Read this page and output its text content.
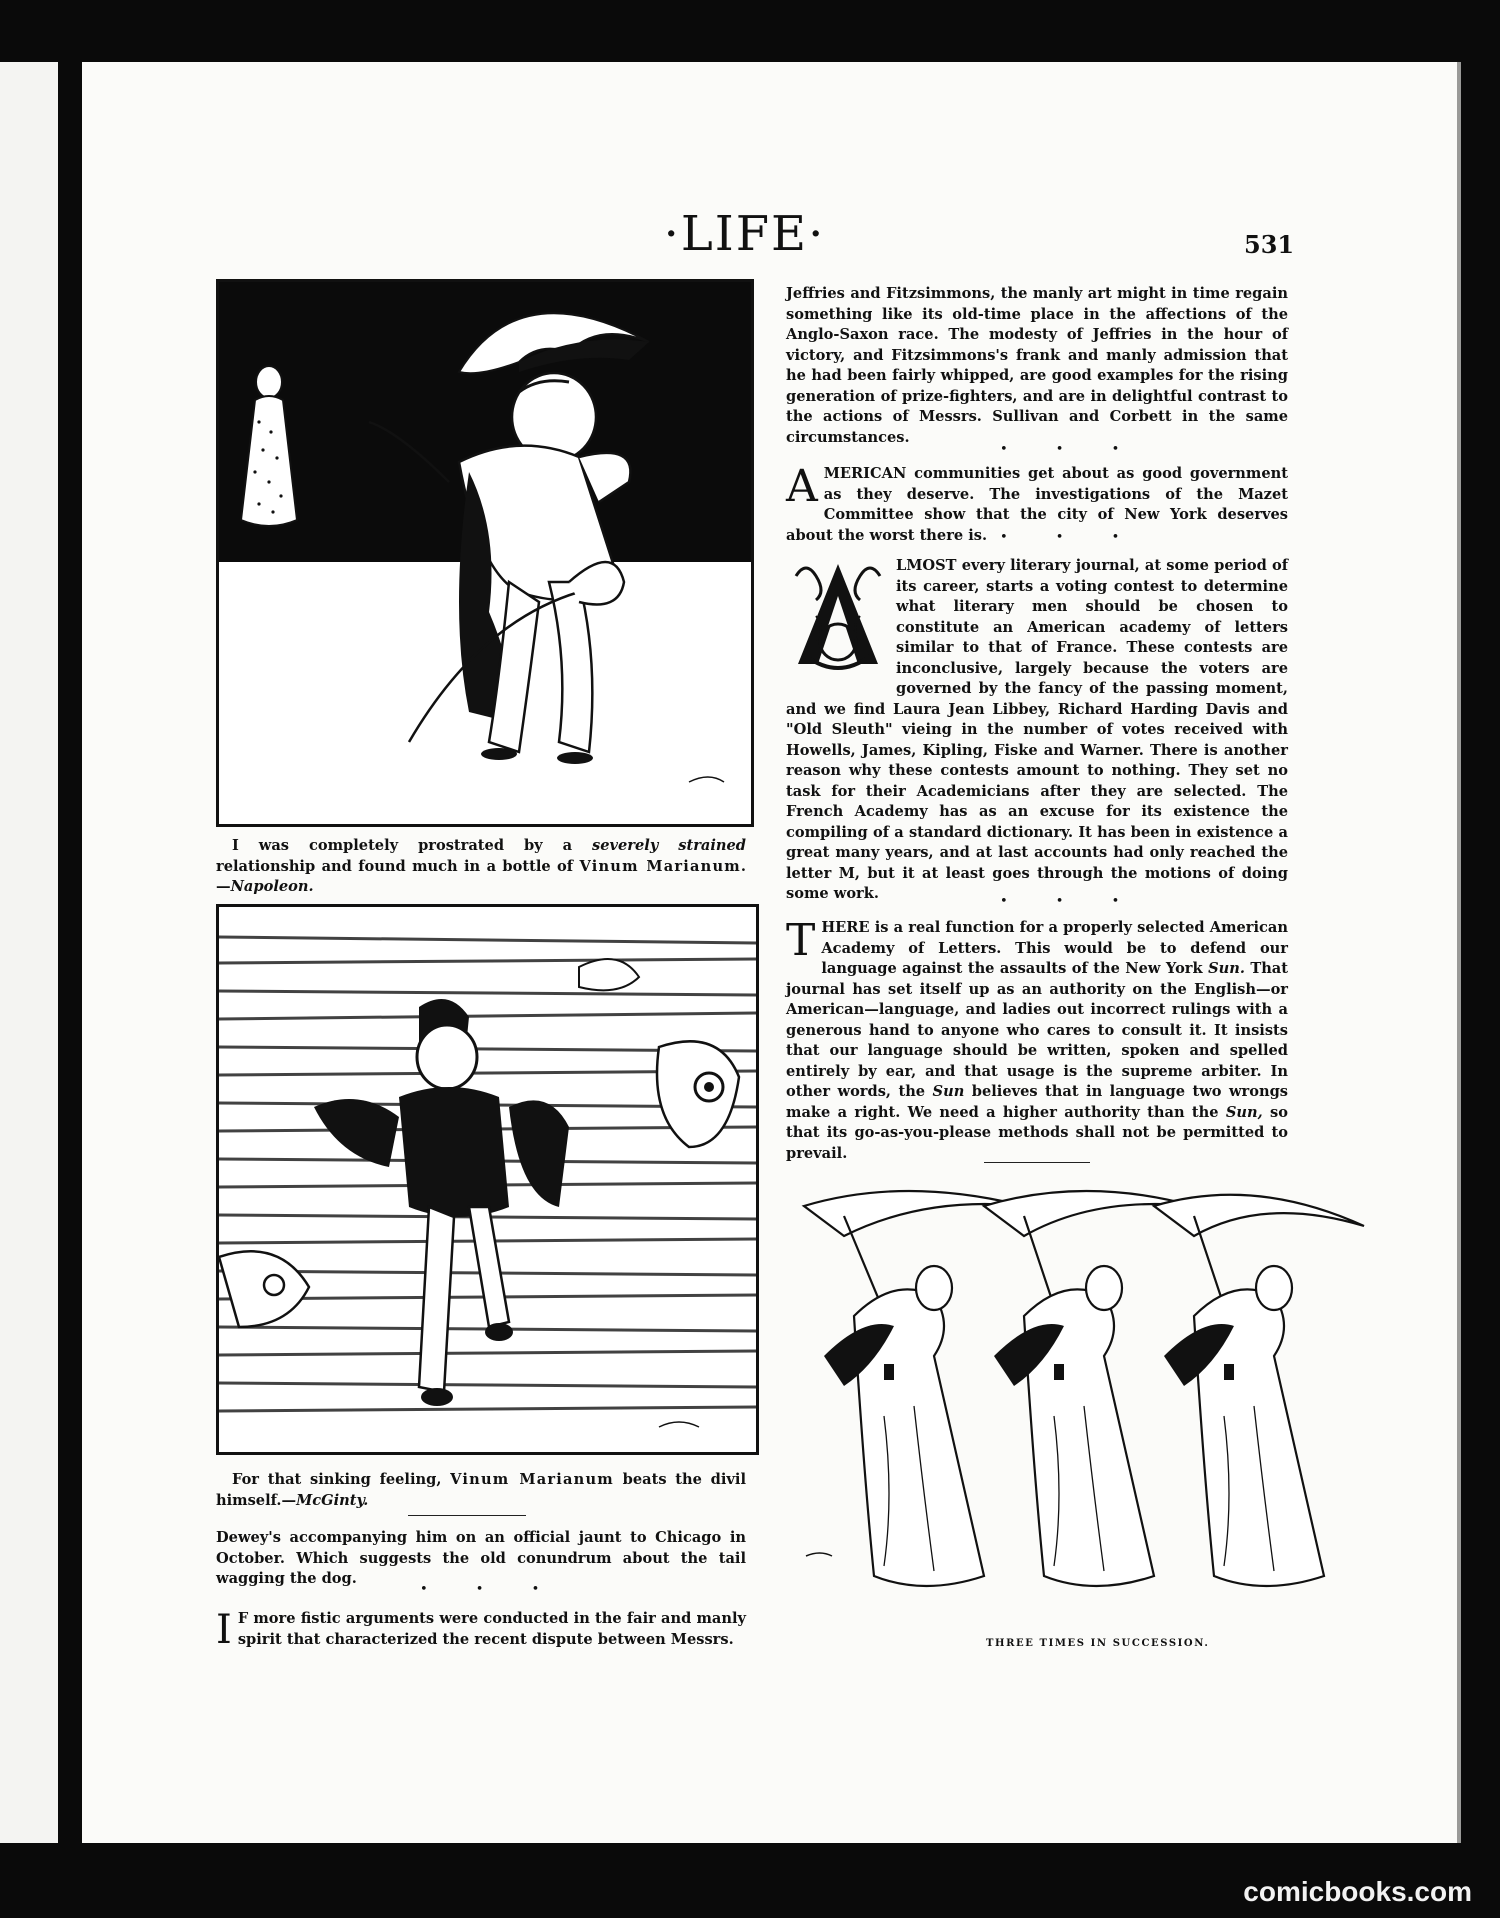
·LIFE·	531
I was completely prostrated by a severely strained relationship and found much in a bottle of Vinum Marianum.—Napoleon.
For that sinking feeling, Vinum Marianum beats the divil himself.—McGinty.
Dewey's accompanying him on an official jaunt to Chicago in October. Which suggests the old conundrum about the tail wagging the dog.
• • •
I F more fistic arguments were conducted in the fair and manly spirit that characterized the recent dispute between Messrs.
Jeffries and Fitzsimmons, the manly art might in time regain something like its old-time place in the affections of the Anglo-Saxon race. The modesty of Jeffries in the hour of victory, and Fitzsimmons's frank and manly admission that he had been fairly whipped, are good examples for the rising generation of prize-fighters, and are in delightful contrast to the actions of Messrs. Sullivan and Corbett in the same circumstances.
• • •
AMERICAN communities get about as good government as they deserve. The investigations of the Mazet Committee show that the city of New York deserves about the worst there is. • • •
LMOST every literary journal, at some period of its career, starts a voting contest to determine what literary men should be chosen to constitute an American academy of letters similar to that of France. These contests are inconclusive, largely because the voters are governed by the fancy of the passing moment, and we find Laura Jean Libbey, Richard Harding Davis and "Old Sleuth" vieing in the number of votes received with Howells, James, Kipling, Fiske and Warner. There is another reason why these contests amount to nothing. They set no task for their Academicians after they are selected. The French Academy has as an excuse for its existence the compiling of a standard dictionary. It has been in existence a great many years, and at last accounts had only reached the letter M, but it at least goes through the motions of doing some work.	• • •
THERE is a real function for a properly selected American Academy of Letters. This would be to defend our language against the assaults of the New York Sun. That journal has set itself up as an authority on the English—or American—language, and ladies out incorrect rulings with a generous hand to anyone who cares to consult it. It insists that our language should be written, spoken and spelled entirely by ear, and that usage is the supreme arbiter. In other words, the Sun believes that in language two wrongs make a right. We need a higher authority than the Sun, so that its go-as-you-please methods shall not be permitted to prevail.
THREE TIMES IN SUCCESSION.
comicbooks.com
